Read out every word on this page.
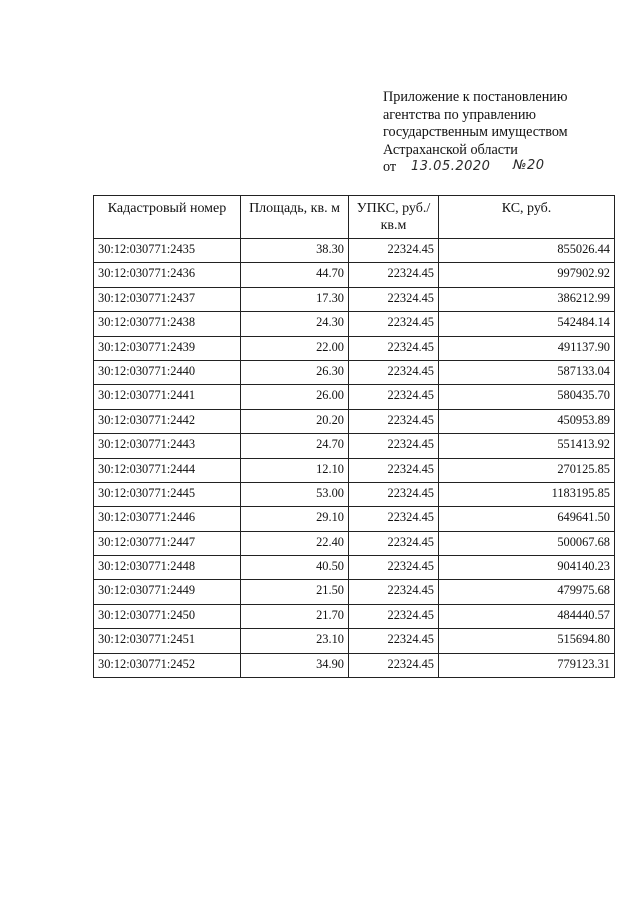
Приложение к постановлению
агентства по управлению
государственным имуществом
Астраханской области
от 13.05.2020 №20
Кадастровый номер	Площадь, кв. м	УПКС, руб./кв.м	КС, руб.
30:12:030771:2435	38.30	22324.45	855026.44
30:12:030771:2436	44.70	22324.45	997902.92
30:12:030771:2437	17.30	22324.45	386212.99
30:12:030771:2438	24.30	22324.45	542484.14
30:12:030771:2439	22.00	22324.45	491137.90
30:12:030771:2440	26.30	22324.45	587133.04
30:12:030771:2441	26.00	22324.45	580435.70
30:12:030771:2442	20.20	22324.45	450953.89
30:12:030771:2443	24.70	22324.45	551413.92
30:12:030771:2444	12.10	22324.45	270125.85
30:12:030771:2445	53.00	22324.45	1183195.85
30:12:030771:2446	29.10	22324.45	649641.50
30:12:030771:2447	22.40	22324.45	500067.68
30:12:030771:2448	40.50	22324.45	904140.23
30:12:030771:2449	21.50	22324.45	479975.68
30:12:030771:2450	21.70	22324.45	484440.57
30:12:030771:2451	23.10	22324.45	515694.80
30:12:030771:2452	34.90	22324.45	779123.31
